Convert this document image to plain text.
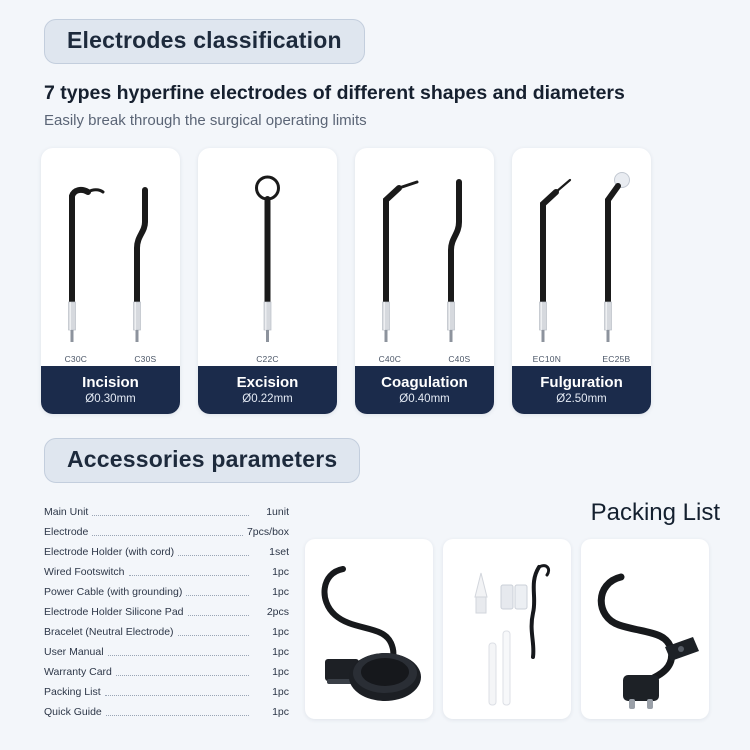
Electrodes classification
7 types hyperfine electrodes of different shapes and diameters
Easily break through the surgical operating limits
C30C	C30S
Incision
Ø0.30mm
C22C
Excision
Ø0.22mm
C40C	C40S
Coagulation
Ø0.40mm
EC10N	EC25B
Fulguration
Ø2.50mm
Accessories parameters
Main Unit	1unit
Electrode	7pcs/box
Electrode Holder (with cord)	1set
Wired Footswitch	1pc
Power Cable (with grounding)	1pc
Electrode Holder Silicone Pad	2pcs
Bracelet (Neutral Electrode)	1pc
User Manual	1pc
Warranty Card	1pc
Packing List	1pc
Quick Guide	1pc
Packing List
